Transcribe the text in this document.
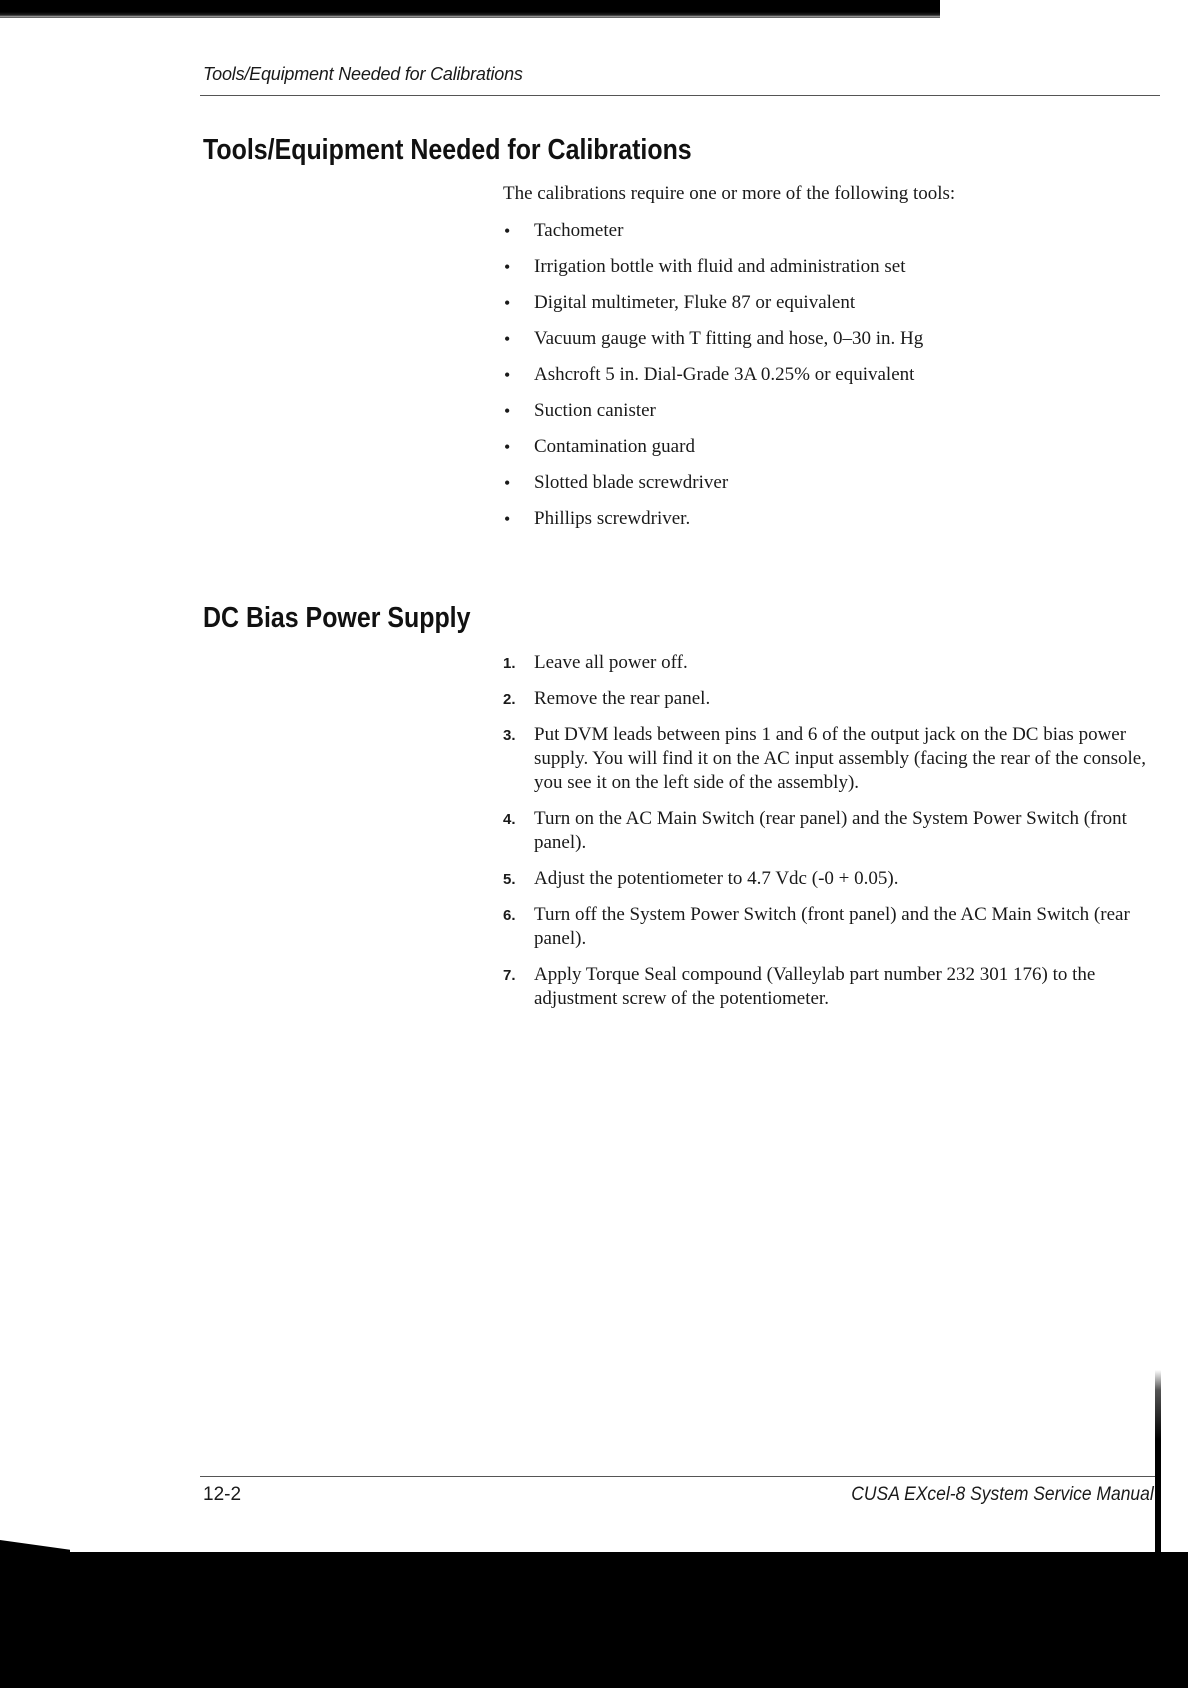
Tools/Equipment Needed for Calibrations
Tools/Equipment Needed for Calibrations

The calibrations require one or more of the following tools:

• Tachometer
• Irrigation bottle with fluid and administration set
• Digital multimeter, Fluke 87 or equivalent
• Vacuum gauge with T fitting and hose, 0–30 in. Hg
• Ashcroft 5 in. Dial-Grade 3A 0.25% or equivalent
• Suction canister
• Contamination guard
• Slotted blade screwdriver
• Phillips screwdriver.
DC Bias Power Supply
1. Leave all power off.
2. Remove the rear panel.
3. Put DVM leads between pins 1 and 6 of the output jack on the DC bias power supply. You will find it on the AC input assembly (facing the rear of the console, you see it on the left side of the assembly).
4. Turn on the AC Main Switch (rear panel) and the System Power Switch (front panel).
5. Adjust the potentiometer to 4.7 Vdc (-0 + 0.05).
6. Turn off the System Power Switch (front panel) and the AC Main Switch (rear panel).
7. Apply Torque Seal compound (Valleylab part number 232 301 176) to the adjustment screw of the potentiometer.
12-2	CUSA EXcel-8 System Service Manual
